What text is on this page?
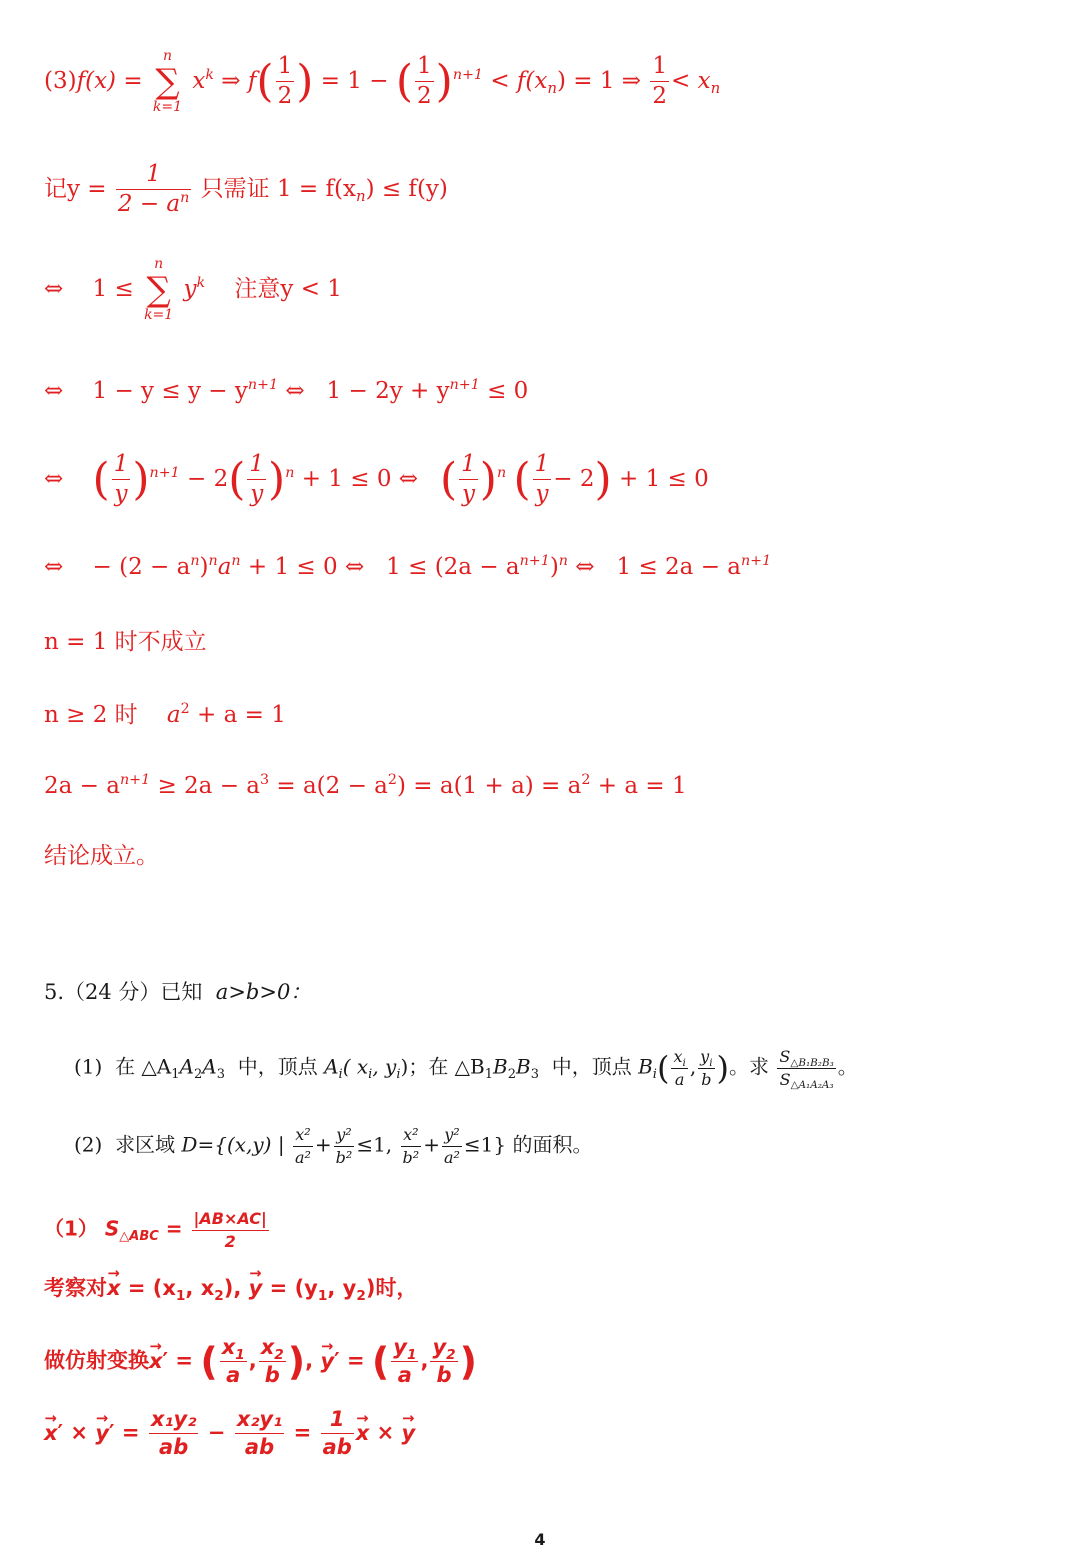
(3)f(x) =
n
∑
k=1
$x^k$ ⇒ $f( \frac{1}{2}$ ) = 1 − ( $\frac{1}{2} )^{n+1} < f(x_n) = 1$ ⇒ $\frac{1}{2} < x_n$
记$y = \frac{1}{2 - a^n}$ 只需证 $1 = f(x_n) \le f(y)$
⇔ 1 ≤
n
∑
k=1
$y^k$ 注意y < 1
⇔ $1 - y \le y - y^{n+1}$ ⇔ $1 - 2y + y^{n+1} \le 0$
⇔ ( $\frac{1}{y} )^{n+1} - 2( \frac{1}{y} )^n + 1 \le 0$ ⇔ ( $\frac{1}{y} )^n$ ( $\frac{1}{y} - 2) + 1 \le 0$
⇔ − $(2 - a^n)^na^n + 1 \le 0$ ⇔ $1 \le (2a - a^{n+1})^n$ ⇔ $1 \le 2a - a^{n+1}$
n = 1 时不成立
n ≥ 2 时 $a^2 + a = 1$
$2a - a^{n+1} \ge 2a - a^3 = a(2 - a^2) = a(1 + a) = a^2 + a = 1$
结论成立。
5.（24 分）已知 a>b>0：
(1) 在 $\triangle A_1A_2A_3$ 中，顶点 $A_i$( $x_i$, $y_i$)；在 $\triangle B_1B_2B_3$ 中，顶点 $B_i( \frac{x_i}{a}$ , $\frac{y_i}{b}$ )。求 $\frac{S_{\triangle B_1B_2B_3}}{S_{\triangle A_1A_2A_3}}$ 。
(2) 求区域 D={(x,y) | $\frac{\text{x²}}{\text{a²}} + \frac{\text{y²}}{\text{b²}} \le 1$, $\frac{\text{x²}}{\text{b²}} + \frac{\text{y²}}{\text{a²}} \le 1$} 的面积。
（1） $S_{\triangle ABC} = \frac{|AB\times AC|}{2}$
考察对→ $x = (x_1$, $x_2$), → $y = (y_1$, $y_2$)时，
做仿射变换→ x′ = ( $\frac{x_1}{a}$ , $\frac{x_2}{b}$ ), → y′ = ( $\frac{y_1}{a}$ , $\frac{y_2}{b}$ )
→ x′ × → $y' = \frac{\text{x₁y₂}}{ab} - \frac{\text{x₂y₁}}{ab} = \frac{1}{ab} \to x$ × → y
4
